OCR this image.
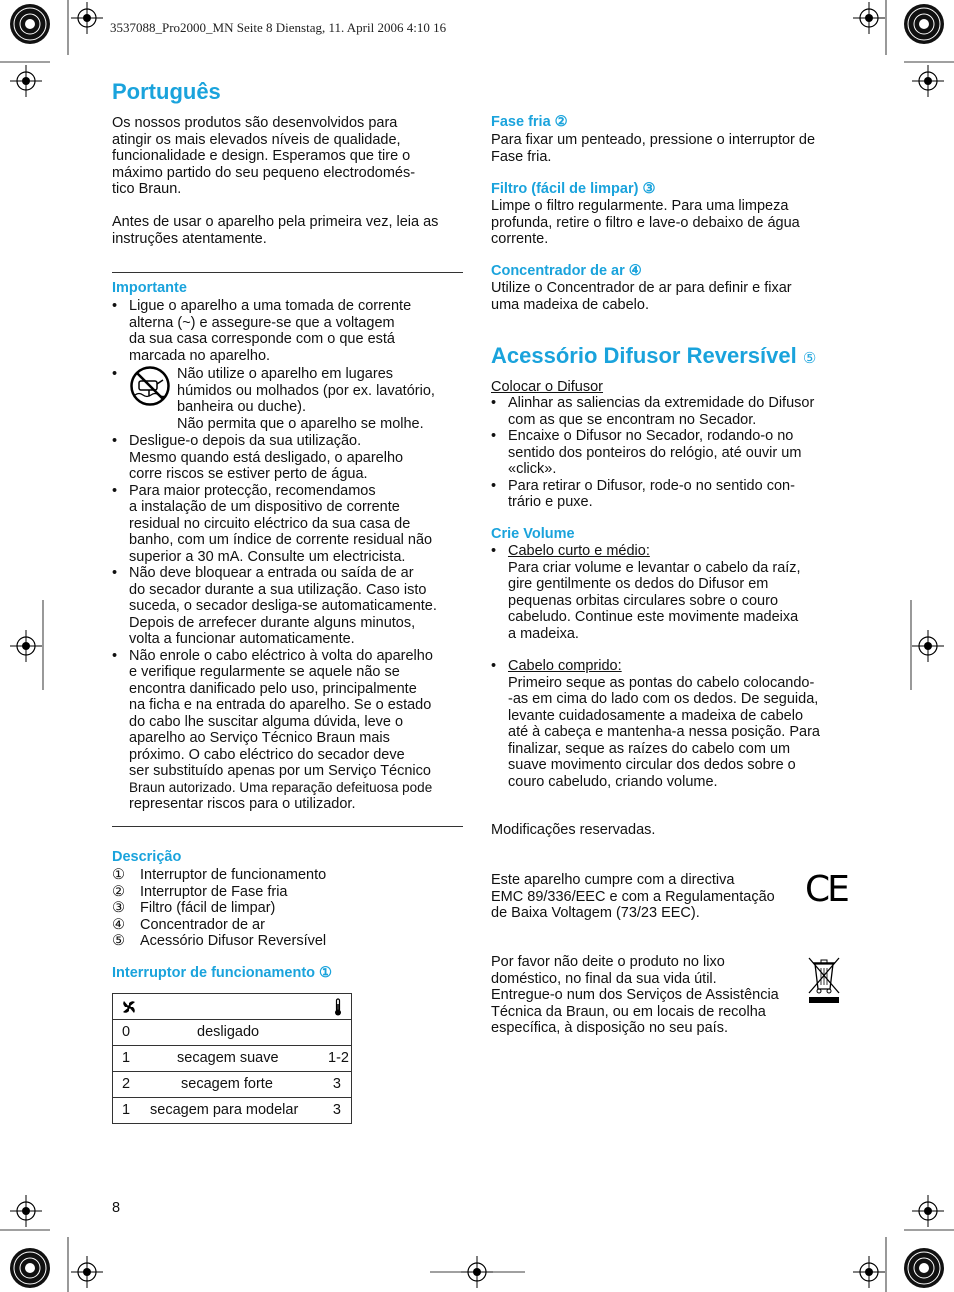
3537088_Pro2000_MN Seite 8 Dienstag, 11. April 2006 4:10 16
Português
Os nossos produtos são desenvolvidos para
atingir os mais elevados níveis de qualidade,
funcionalidade e design. Esperamos que tire o
máximo partido do seu pequeno electrodomés-
tico Braun.
Antes de usar o aparelho pela primeira vez, leia as
instruções atentamente.
Importante
• Ligue o aparelho a uma tomada de corrente
alterna (~) e assegure-se que a voltagem
da sua casa corresponde com o que está
marcada no aparelho.
•	Não utilize o aparelho em lugares
húmidos ou molhados (por ex. lavatório,
banheira ou duche).
Não permita que o aparelho se molhe.
• Desligue-o depois da sua utilização.
Mesmo quando está desligado, o aparelho
corre riscos se estiver perto de água.
• Para maior protecção, recomendamos
a instalação de um dispositivo de corrente
residual no circuito eléctrico da sua casa de
banho, com um índice de corrente residual não
superior a 30 mA. Consulte um electricista.
• Não deve bloquear a entrada ou saída de ar
do secador durante a sua utilização. Caso isto
suceda, o secador desliga-se automaticamente.
Depois de arrefecer durante alguns minutos,
volta a funcionar automaticamente.
• Não enrole o cabo eléctrico à volta do aparelho
e verifique regularmente se aquele não se
encontra danificado pelo uso, principalmente
na ficha e na entrada do aparelho. Se o estado
do cabo lhe suscitar alguma dúvida, leve o
aparelho ao Serviço Técnico Braun mais
próximo. O cabo eléctrico do secador deve
ser substituído apenas por um Serviço Técnico
Braun autorizado. Uma reparação defeituosa pode
representar riscos para o utilizador.
Descrição
① Interruptor de funcionamento
② Interruptor de Fase fria
③ Filtro (fácil de limpar)
④ Concentrador de ar
⑤ Acessório Difusor Reversível
Interruptor de funcionamento ①

0	desligado

1	secagem suave	1-2

2	secagem forte	3

1 secagem para modelar 3
8
Fase fria ②
Para fixar um penteado, pressione o interruptor de
Fase fria.
Filtro (fácil de limpar) ③
Limpe o filtro regularmente. Para uma limpeza
profunda, retire o filtro e lave-o debaixo de água
corrente.
Concentrador de ar ④
Utilize o Concentrador de ar para definir e fixar
uma madeixa de cabelo.
Acessório Difusor Reversível ⑤
Colocar o Difusor
• Alinhar as saliencias da extremidade do Difusor
com as que se encontram no Secador.
• Encaixe o Difusor no Secador, rodando-o no
sentido dos ponteiros do relógio, até ouvir um
«click».
• Para retirar o Difusor, rode-o no sentido con-
trário e puxe.
Crie Volume
• Cabelo curto e médio:
Para criar volume e levantar o cabelo da raíz,
gire gentilmente os dedos do Difusor em
pequenas orbitas circulares sobre o couro
cabeludo. Continue este movimente madeixa
a madeixa.
• Cabelo comprido:
Primeiro seque as pontas do cabelo colocando-
-as em cima do lado com os dedos. De seguida,
levante cuidadosamente a madeixa de cabelo
até à cabeça e mantenha-a nessa posição. Para
finalizar, seque as raízes do cabelo com um
suave movimento circular dos dedos sobre o
couro cabeludo, criando volume.
Modificações reservadas.
Este aparelho cumpre com a directiva
EMC 89/336/EEC e com a Regulamentação
de Baixa Voltagem (73/23 EEC).
CE
Por favor não deite o produto no lixo
doméstico, no final da sua vida útil.
Entregue-o num dos Serviços de Assistência
Técnica da Braun, ou em locais de recolha
específica, à disposição no seu país.
